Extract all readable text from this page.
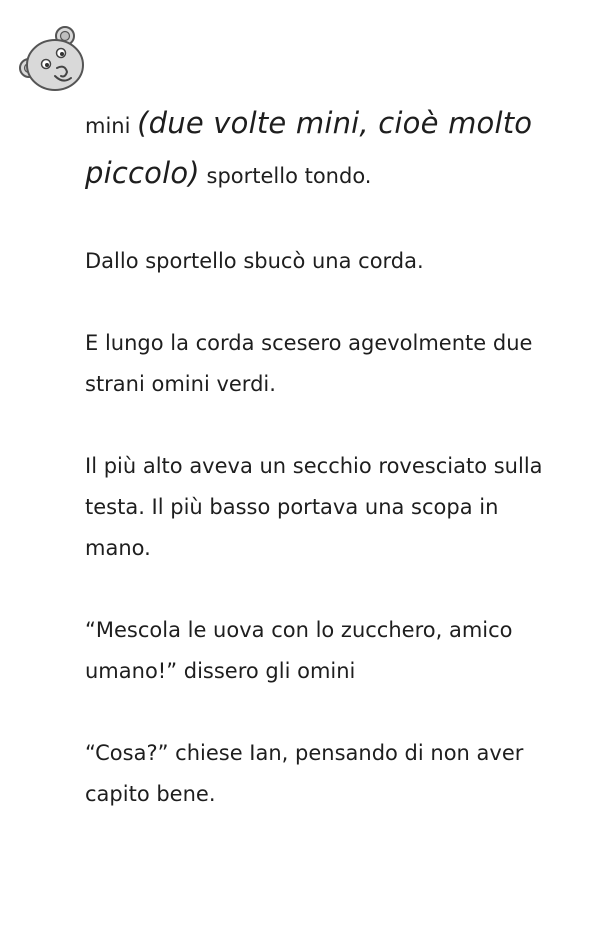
mini (due volte mini, cioè molto piccolo) sportello tondo.

Dallo sportello sbucò una corda.

E lungo la corda scesero agevolmente due strani omini verdi.

Il più alto aveva un secchio rovesciato sulla testa. Il più basso portava una scopa in mano.

“Mescola le uova con lo zucchero, amico umano!” dissero gli omini

“Cosa?” chiese Ian, pensando di non aver capito bene.
